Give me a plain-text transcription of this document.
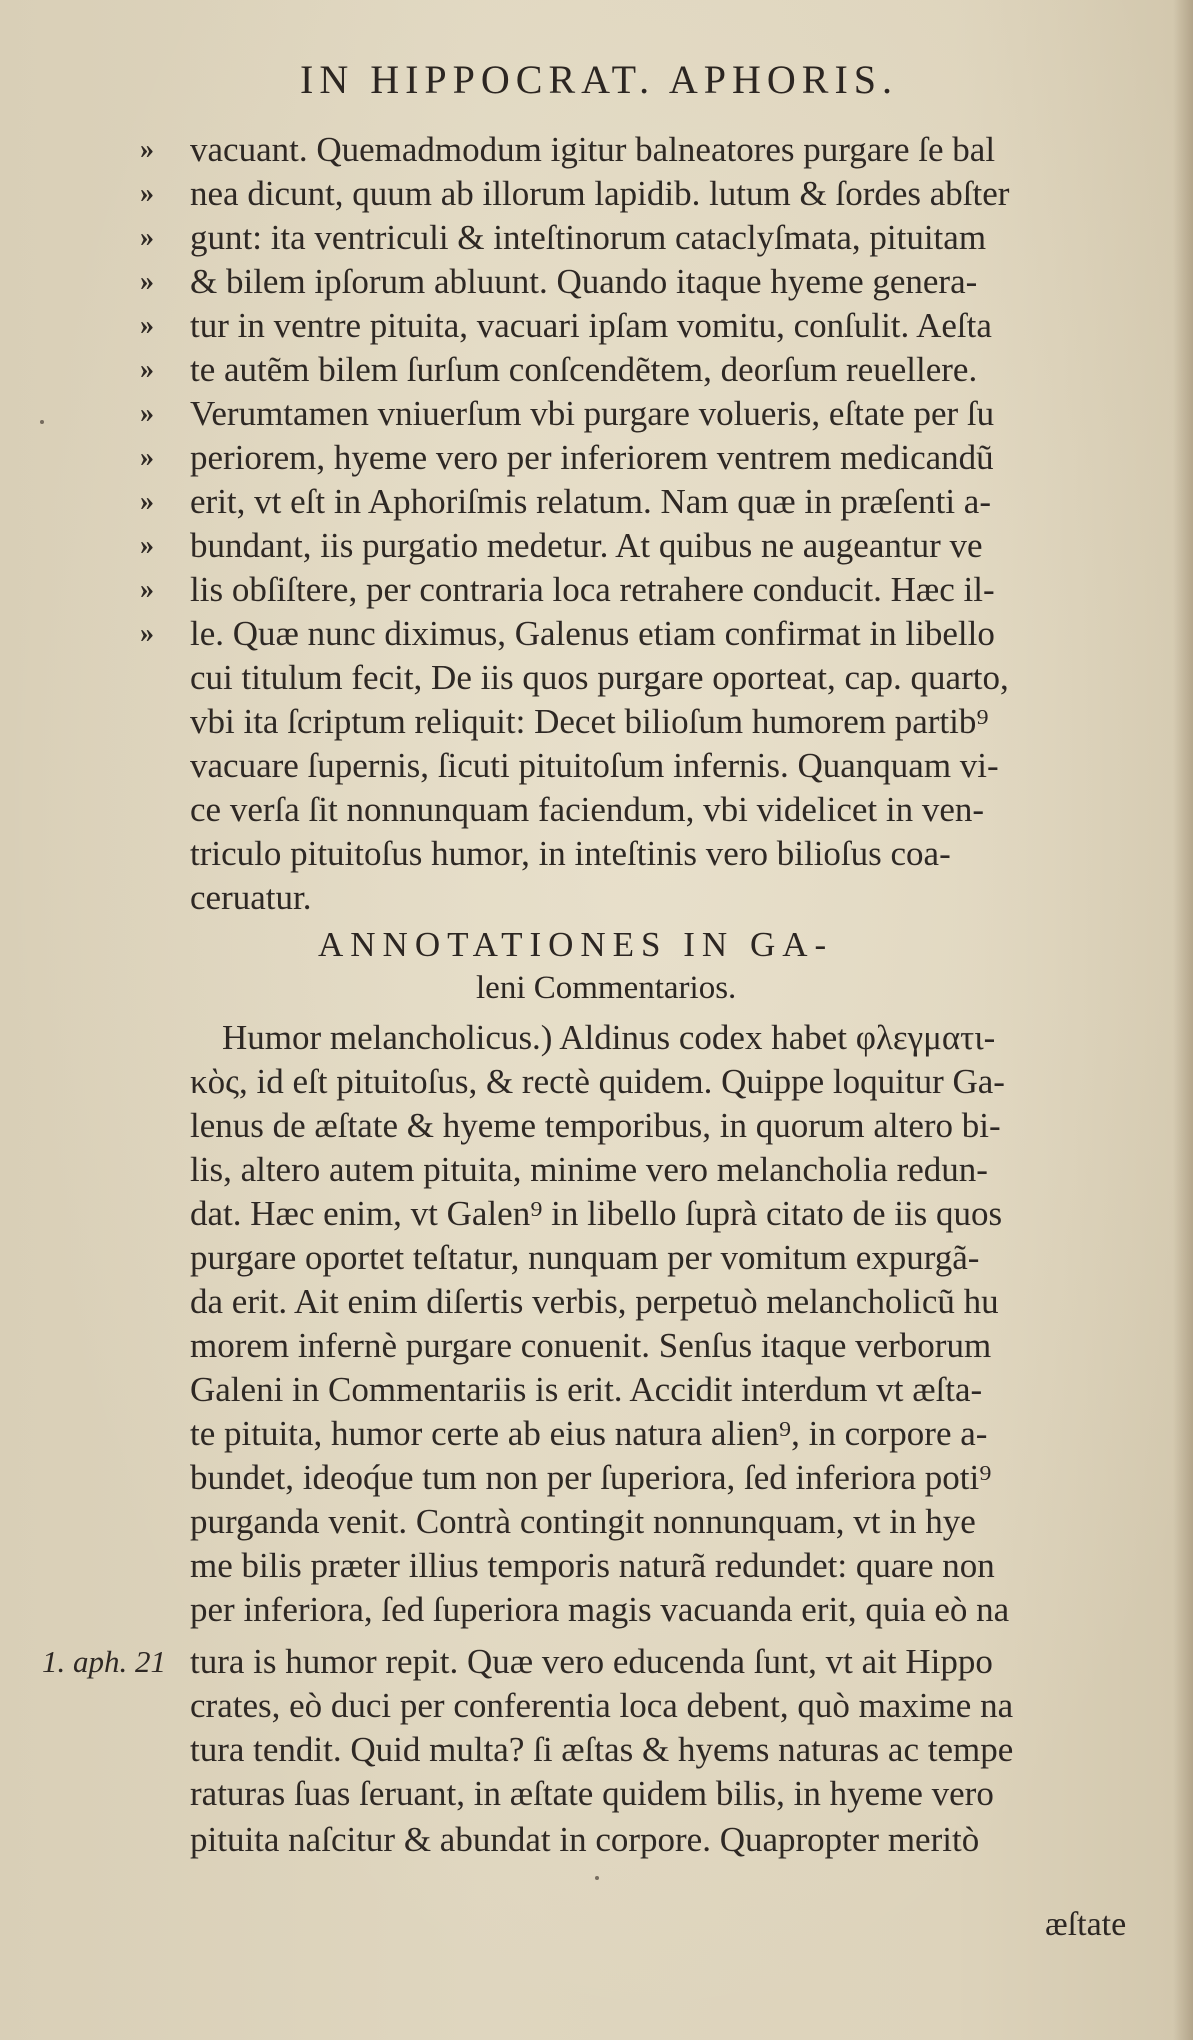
IN HIPPOCRAT. APHORIS.
»
»
»
»
»
»
»
»
»
»
»
»
vacuant. Quemadmodum igitur balneatores purgare ſe bal
nea dicunt, quum ab illorum lapidib. lutum & ſordes abſter
gunt: ita ventriculi & inteſtinorum cataclyſmata, pituitam
& bilem ipſorum abluunt. Quando itaque hyeme genera-
tur in ventre pituita, vacuari ipſam vomitu, conſulit. Aeſta
te autẽm bilem ſurſum conſcendẽtem, deorſum reuellere.
Verumtamen vniuerſum vbi purgare volueris, eſtate per ſu
periorem, hyeme vero per inferiorem ventrem medicandũ
erit, vt eſt in Aphoriſmis relatum. Nam quæ in præſenti a-
bundant, iis purgatio medetur. At quibus ne augeantur ve
lis obſiſtere, per contraria loca retrahere conducit. Hæc il-
le. Quæ nunc diximus, Galenus etiam confirmat in libello
cui titulum fecit, De iis quos purgare oporteat, cap. quarto,
vbi ita ſcriptum reliquit: Decet bilioſum humorem partib⁹
vacuare ſupernis, ſicuti pituitoſum infernis. Quanquam vi-
ce verſa ſit nonnunquam faciendum, vbi videlicet in ven-
triculo pituitoſus humor, in inteſtinis vero bilioſus coa-
ceruatur.
ANNOTATIONES IN GA-
leni Commentarios.
Humor melancholicus.) Aldinus codex habet φλεγματι-
κὸς, id eſt pituitoſus, & rectè quidem. Quippe loquitur Ga-
lenus de æſtate & hyeme temporibus, in quorum altero bi-
lis, altero autem pituita, minime vero melancholia redun-
dat. Hæc enim, vt Galen⁹ in libello ſuprà citato de iis quos
purgare oportet teſtatur, nunquam per vomitum expurgã-
da erit. Ait enim diſertis verbis, perpetuò melancholicũ hu
morem infernè purgare conuenit. Senſus itaque verborum
Galeni in Commentariis is erit. Accidit interdum vt æſta-
te pituita, humor certe ab eius natura alien⁹, in corpore a-
bundet, ideoq́ue tum non per ſuperiora, ſed inferiora poti⁹
purganda venit. Contrà contingit nonnunquam, vt in hye
me bilis præter illius temporis naturã redundet: quare non
per inferiora, ſed ſuperiora magis vacuanda erit, quia eò na
tura is humor repit. Quæ vero educenda ſunt, vt ait Hippo
crates, eò duci per conferentia loca debent, quò maxime na
tura tendit. Quid multa? ſi æſtas & hyems naturas ac tempe
raturas ſuas ſeruant, in æſtate quidem bilis, in hyeme vero
pituita naſcitur & abundat in corpore. Quapropter meritò
1. aph. 21
æſtate
